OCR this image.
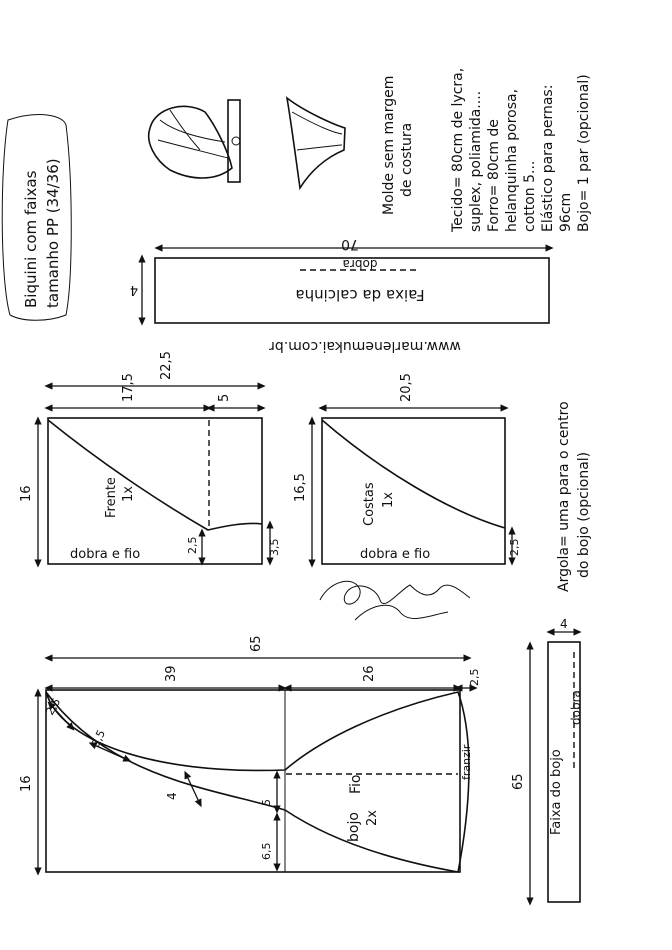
Biquini com faixas tamanho PP (34/36)
Molde sem margem de costura	Tecido= 80cm de lycra, suplex, poliamida.... Forro= 80cm de helanquinha porosa, cotton 5... Elástico para pernas: 96cm Bojo= 1 par (opcional)
70
4
dobra
Faixa da calcinha
www.marlenemukai.com.br
22,5
17,5	5
16
2,5	3,5
Frente 1x
dobra e fio
20,5
16,5
2,5
Costas 1x
dobra e fio	Argola= uma para o centro do bojo (opcional)
4
65
dobra
Faixa do bojo
65
39	26	2,5
16
2,5
3,5
4
5
6,5
Fio
bojo 2x
franzir
